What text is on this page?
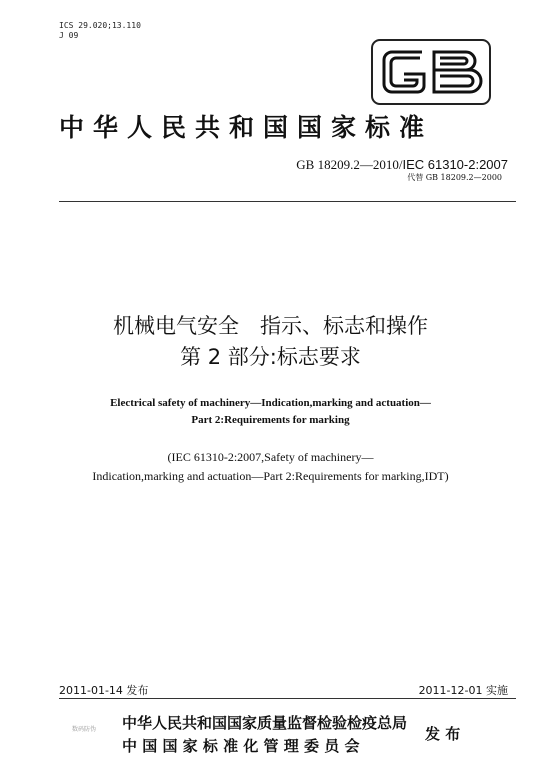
ICS 29.020;13.110
J 09
中华人民共和国国家标准
GB 18209.2—2010/IEC 61310-2:2007
代替 GB 18209.2—2000
机械电气安全　指示、标志和操作
第 2 部分:标志要求
Electrical safety of machinery—Indication,marking and actuation—
Part 2:Requirements for marking
(IEC 61310-2:2007,Safety of machinery—
Indication,marking and actuation—Part 2:Requirements for marking,IDT)
2011-01-14 发布	2011-12-01 实施
数码防伪 中华人民共和国国家质量监督检验检疫总局
中 国 国 家 标 准 化 管 理 委 员 会
发 布
